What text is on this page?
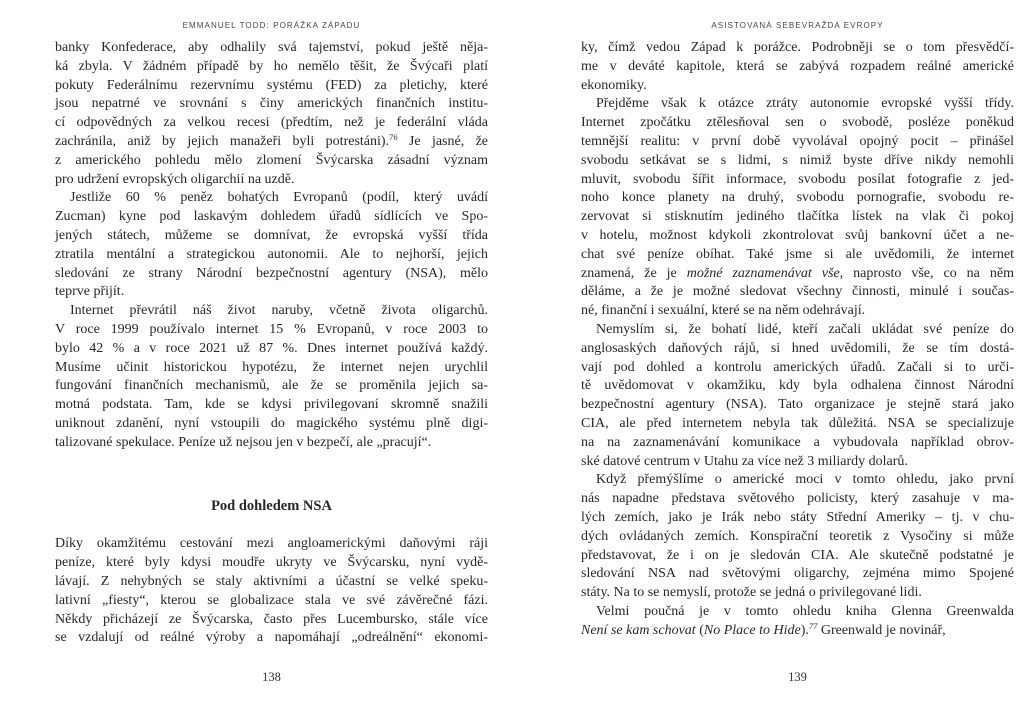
EMMANUEL TODD: PORÁŽKA ZÁPADU
banky Konfederace, aby odhalily svá tajemství, pokud ještě něja-
ká zbyla. V žádném případě by ho nemělo těšit, že Švýcaři platí
pokuty Federálnímu rezervnímu systému (FED) za pletichy, které
jsou nepatrné ve srovnání s činy amerických finančních institu-
cí odpovědných za velkou recesi (předtím, než je federální vláda
zachránila, aniž by jejich manažeři byli potrestáni).$^{76}$ Je jasné, že
z amerického pohledu mělo zlomení Švýcarska zásadní význam
pro udržení evropských oligarchií na uzdě.
Jestliže 60 % peněz bohatých Evropanů (podíl, který uvádí
Zucman) kyne pod laskavým dohledem úřadů sídlících ve Spo-
jených státech, můžeme se domnívat, že evropská vyšší třída
ztratila mentální a strategickou autonomii. Ale to nejhorší, jejich
sledování ze strany Národní bezpečnostní agentury (NSA), mělo
teprve přijít.
Internet převrátil náš život naruby, včetně života oligarchů.
V roce 1999 používalo internet 15 % Evropanů, v roce 2003 to
bylo 42 % a v roce 2021 už 87 %. Dnes internet používá každý.
Musíme učinit historickou hypotézu, že internet nejen urychlil
fungování finančních mechanismů, ale že se proměnila jejich sa-
motná podstata. Tam, kde se kdysi privilegovaní skromně snažili
uniknout zdanění, nyní vstoupili do magického systému plně digi-
talizované spekulace. Peníze už nejsou jen v bezpečí, ale „pracují“.
Pod dohledem NSA
Díky okamžitému cestování mezi angloamerickými daňovými ráji
peníze, které byly kdysi moudře ukryty ve Švýcarsku, nyní vydě-
lávají. Z nehybných se staly aktivními a účastní se velké speku-
lativní „fiesty“, kterou se globalizace stala ve své závěrečné fázi.
Někdy přicházejí ze Švýcarska, často přes Lucembursko, stále více
se vzdalují od reálné výroby a napomáhají „odreálnění“ ekonomi-
138
ASISTOVANÁ SEBEVRAŽDA EVROPY
ky, čímž vedou Západ k porážce. Podrobněji se o tom přesvědčí-
me v deváté kapitole, která se zabývá rozpadem reálné americké
ekonomiky.
Přejděme však k otázce ztráty autonomie evropské vyšší třídy.
Internet zpočátku ztělesňoval sen o svobodě, posléze poněkud
temnější realitu: v první době vyvolával opojný pocit – přinášel
svobodu setkávat se s lidmi, s nimiž byste dříve nikdy nemohli
mluvit, svobodu šířit informace, svobodu posílat fotografie z jed-
noho konce planety na druhý, svobodu pornografie, svobodu re-
zervovat si stisknutím jediného tlačítka lístek na vlak či pokoj
v hotelu, možnost kdykoli zkontrolovat svůj bankovní účet a ne-
chat své peníze obíhat. Také jsme si ale uvědomili, že internet
znamená, že je možné zaznamenávat vše, naprosto vše, co na něm
děláme, a že je možné sledovat všechny činnosti, minulé i součas-
né, finanční i sexuální, které se na něm odehrávají.
Nemyslím si, že bohatí lidé, kteří začali ukládat své peníze do
anglosaských daňových rájů, si hned uvědomili, že se tím dostá-
vají pod dohled a kontrolu amerických úřadů. Začali si to urči-
tě uvědomovat v okamžiku, kdy byla odhalena činnost Národní
bezpečnostní agentury (NSA). Tato organizace je stejně stará jako
CIA, ale před internetem nebyla tak důležitá. NSA se specializuje
na na zaznamenávání komunikace a vybudovala například obrov-
ské datové centrum v Utahu za více než 3 miliardy dolarů.
Když přemýšlíme o americké moci v tomto ohledu, jako první
nás napadne představa světového policisty, který zasahuje v ma-
lých zemích, jako je Irák nebo státy Střední Ameriky – tj. v chu-
dých ovládaných zemích. Konspirační teoretik z Vysočiny si může
představovat, že i on je sledován CIA. Ale skutečně podstatné je
sledování NSA nad světovými oligarchy, zejména mimo Spojené
státy. Na to se nemyslí, protože se jedná o privilegované lidi.
Velmi poučná je v tomto ohledu kniha Glenna Greenwalda
Není se kam schovat (No Place to Hide).$^{77}$ Greenwald je novinář,
139
